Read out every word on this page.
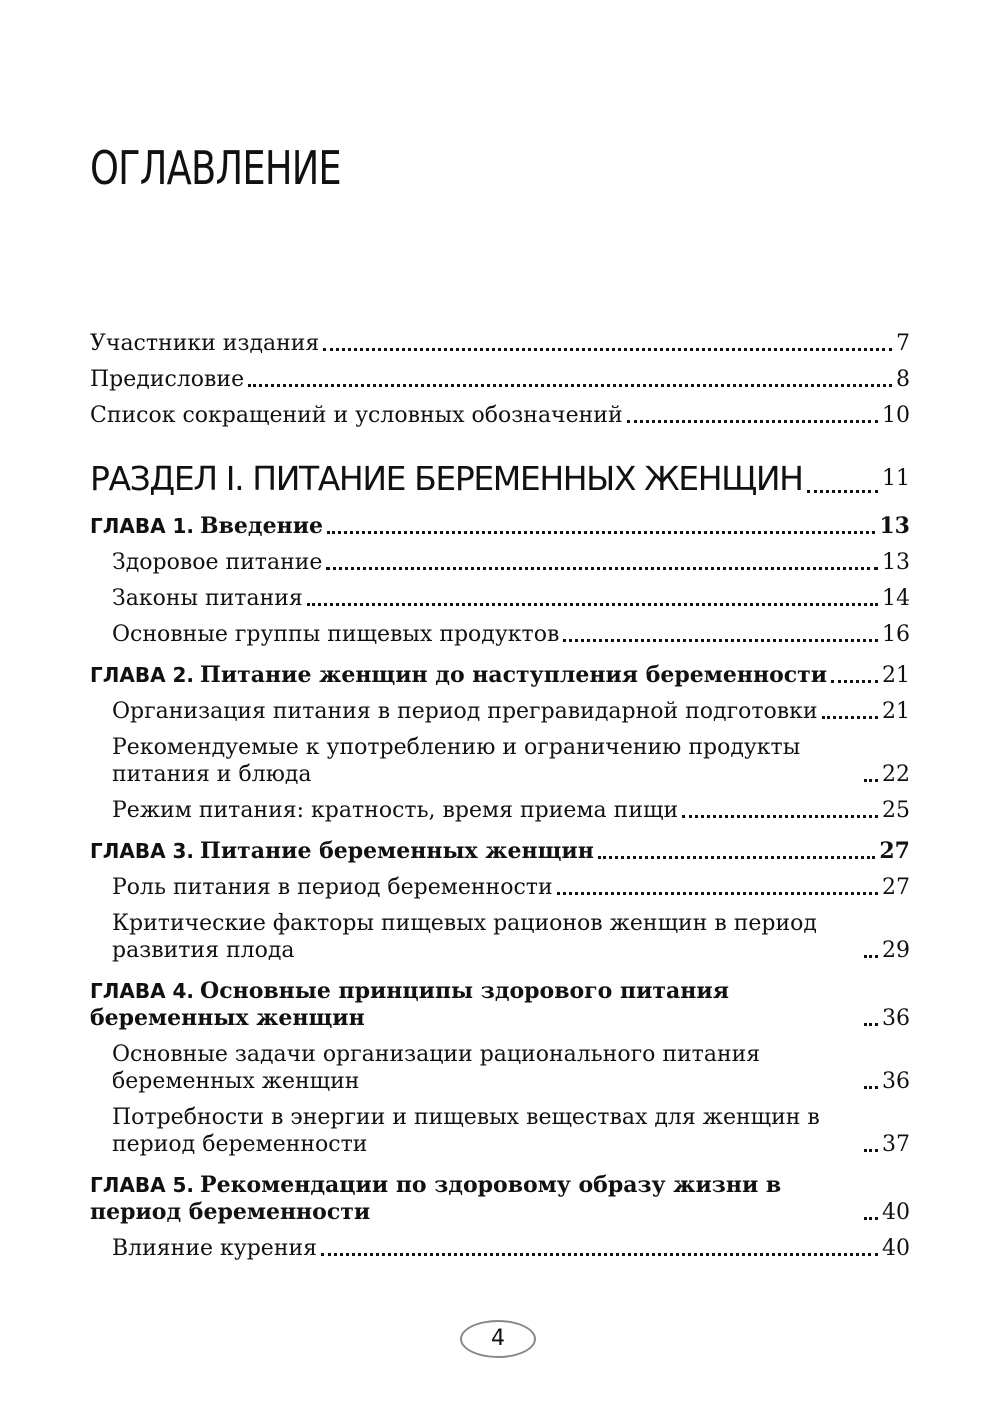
ОГЛАВЛЕНИЕ
Участники издания	7
Предисловие	8
Список сокращений и условных обозначений	10
РАЗДЕЛ I. ПИТАНИЕ БЕРЕМЕННЫХ ЖЕНЩИН	11
ГЛАВА 1. Введение	13
Здоровое питание	13
Законы питания	14
Основные группы пищевых продуктов	16
ГЛАВА 2. Питание женщин до наступления беременности 21
Организация питания в период прегравидарной подготовки	21
Рекомендуемые к употреблению и ограничению продукты питания и блюда	22
Режим питания: кратность, время приема пищи	25
ГЛАВА 3. Питание беременных женщин	27
Роль питания в период беременности	27
Критические факторы пищевых рационов женщин в период развития плода	29
ГЛАВА 4. Основные принципы здорового питания беременных женщин	36
Основные задачи организации рационального питания беременных женщин	36
Потребности в энергии и пищевых веществах для женщин в период беременности	37
ГЛАВА 5. Рекомендации по здоровому образу жизни в период беременности	40
Влияние курения	40
4
